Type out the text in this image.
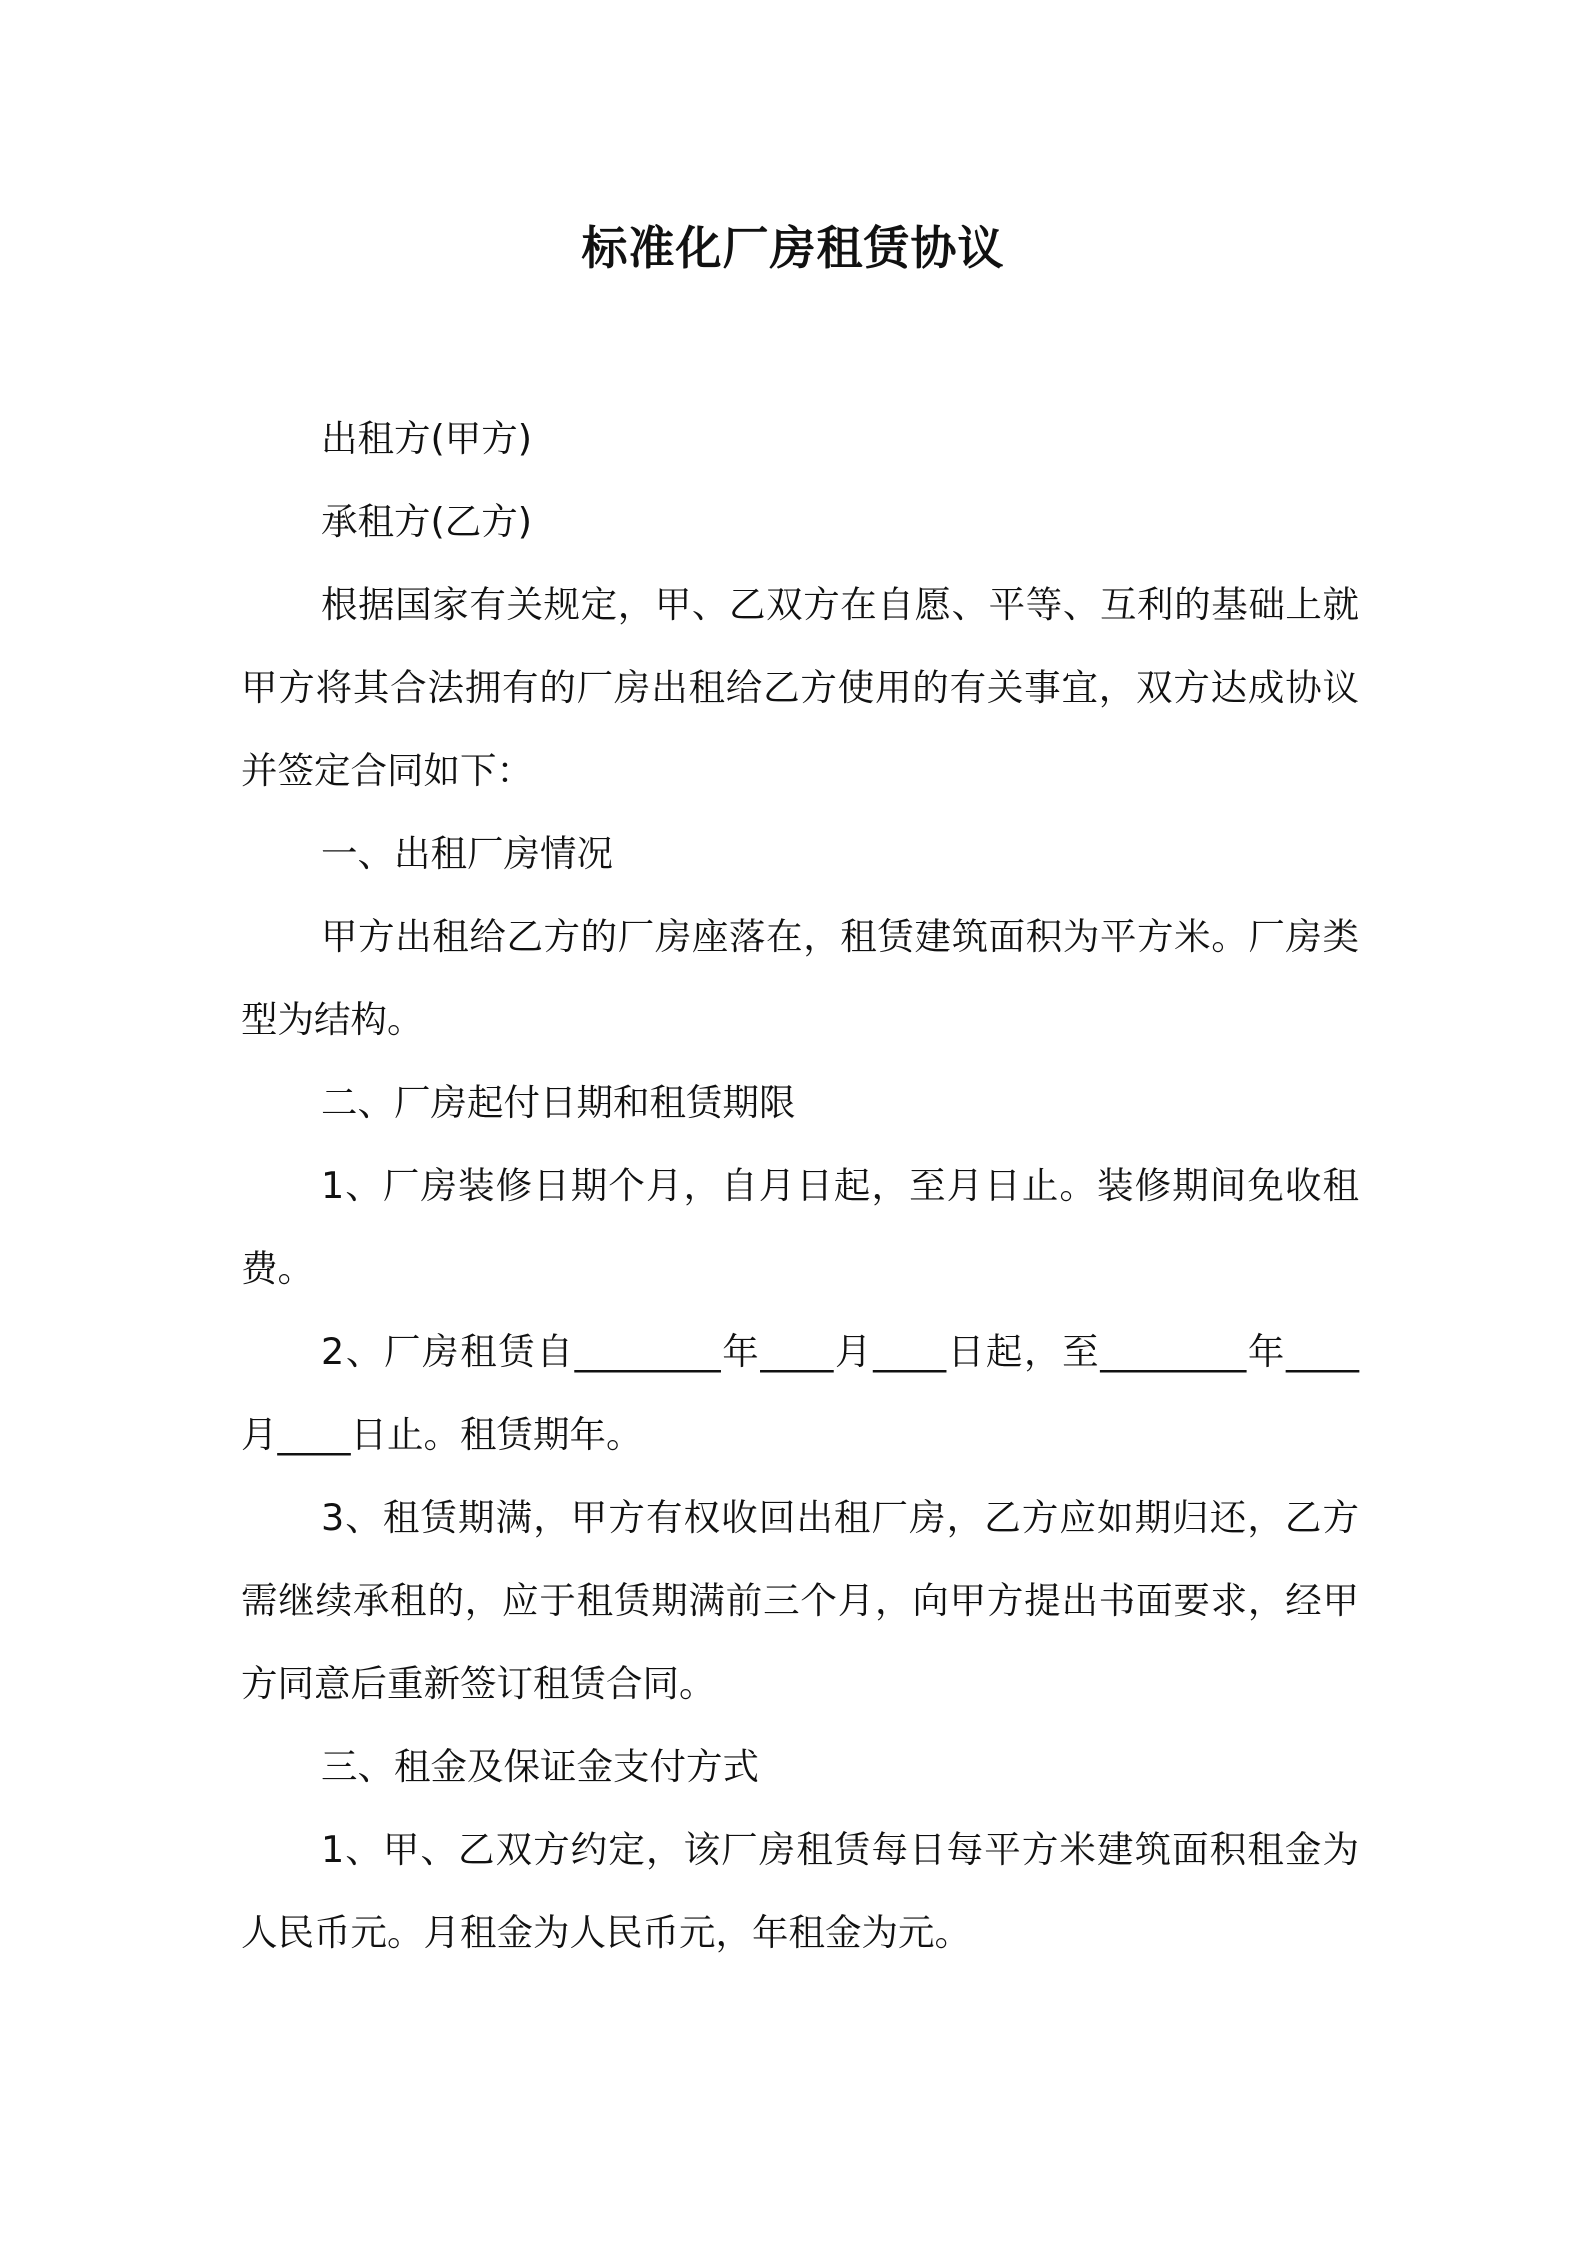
标准化厂房租赁协议

出租方(甲方)

承租方(乙方)

根据国家有关规定，甲、乙双方在自愿、平等、互利的基础上就甲方将其合法拥有的厂房出租给乙方使用的有关事宜，双方达成协议并签定合同如下：

一、出租厂房情况

甲方出租给乙方的厂房座落在，租赁建筑面积为平方米。厂房类型为结构。

二、厂房起付日期和租赁期限

1、厂房装修日期个月，自月日起，至月日止。装修期间免收租费。

2、厂房租赁自________年____月____日起，至________年____月____日止。租赁期年。

3、租赁期满，甲方有权收回出租厂房，乙方应如期归还，乙方需继续承租的，应于租赁期满前三个月，向甲方提出书面要求，经甲方同意后重新签订租赁合同。

三、租金及保证金支付方式

1、甲、乙双方约定，该厂房租赁每日每平方米建筑面积租金为人民币元。月租金为人民币元，年租金为元。
